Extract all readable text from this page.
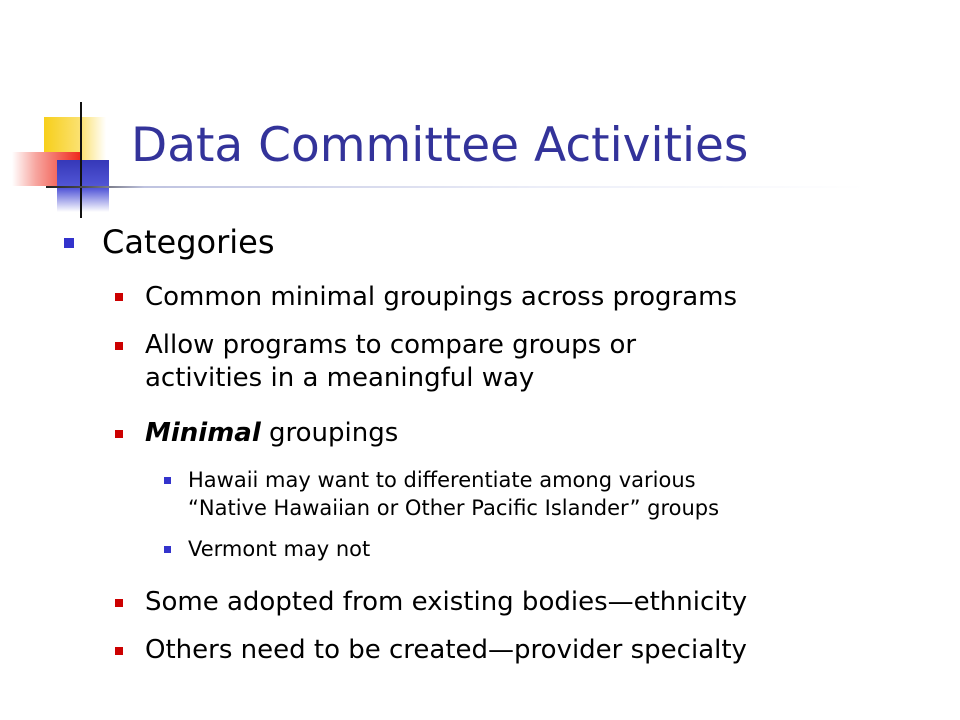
Data Committee Activities
Categories
Common minimal groupings across programs
Allow programs to compare groups or
activities in a meaningful way
Minimal groupings
Hawaii may want to differentiate among various
“Native Hawaiian or Other Pacific Islander” groups
Vermont may not
Some adopted from existing bodies—ethnicity
Others need to be created—provider specialty
